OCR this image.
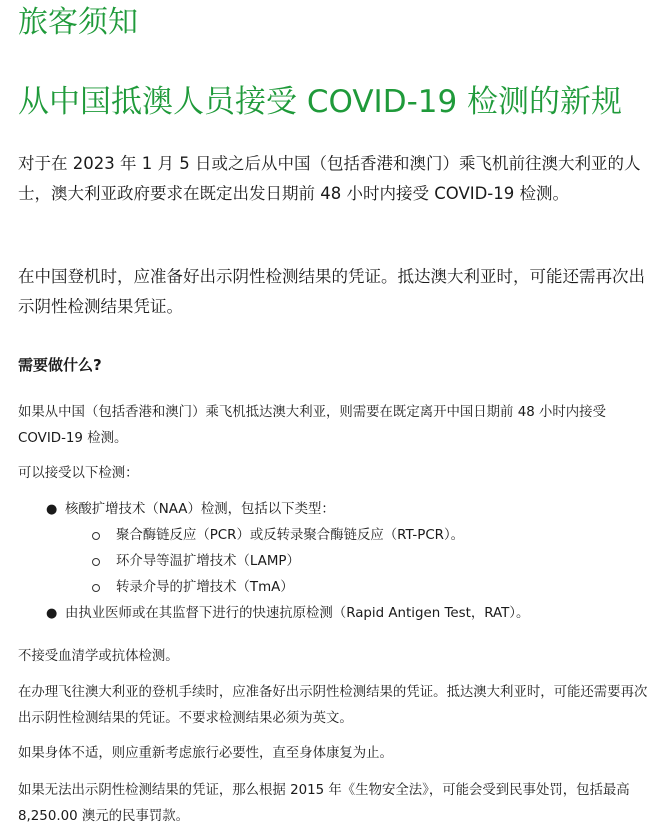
旅客须知
从中国抵澳人员接受 COVID-19 检测的新规

对于在 2023 年 1 月 5 日或之后从中国（包括香港和澳门）乘飞机前往澳大利亚的人士，澳大利亚政府要求在既定出发日期前 48 小时内接受 COVID-19 检测。

在中国登机时，应准备好出示阴性检测结果的凭证。抵达澳大利亚时，可能还需再次出示阴性检测结果凭证。

需要做什么?

如果从中国（包括香港和澳门）乘飞机抵达澳大利亚，则需要在既定离开中国日期前 48 小时内接受 COVID-19 检测。

可以接受以下检测：

● 核酸扩增技术（NAA）检测，包括以下类型：
聚合酶链反应（PCR）或反转录聚合酶链反应（RT-PCR）。
环介导等温扩增技术（LAMP）
转录介导的扩增技术（TmA）
● 由执业医师或在其监督下进行的快速抗原检测（Rapid Antigen Test，RAT）。

不接受血清学或抗体检测。

在办理飞往澳大利亚的登机手续时，应准备好出示阴性检测结果的凭证。抵达澳大利亚时，可能还需要再次出示阴性检测结果的凭证。不要求检测结果必须为英文。

如果身体不适，则应重新考虑旅行必要性，直至身体康复为止。

如果无法出示阴性检测结果的凭证，那么根据 2015 年《生物安全法》，可能会受到民事处罚，包括最高 8,250.00 澳元的民事罚款。
